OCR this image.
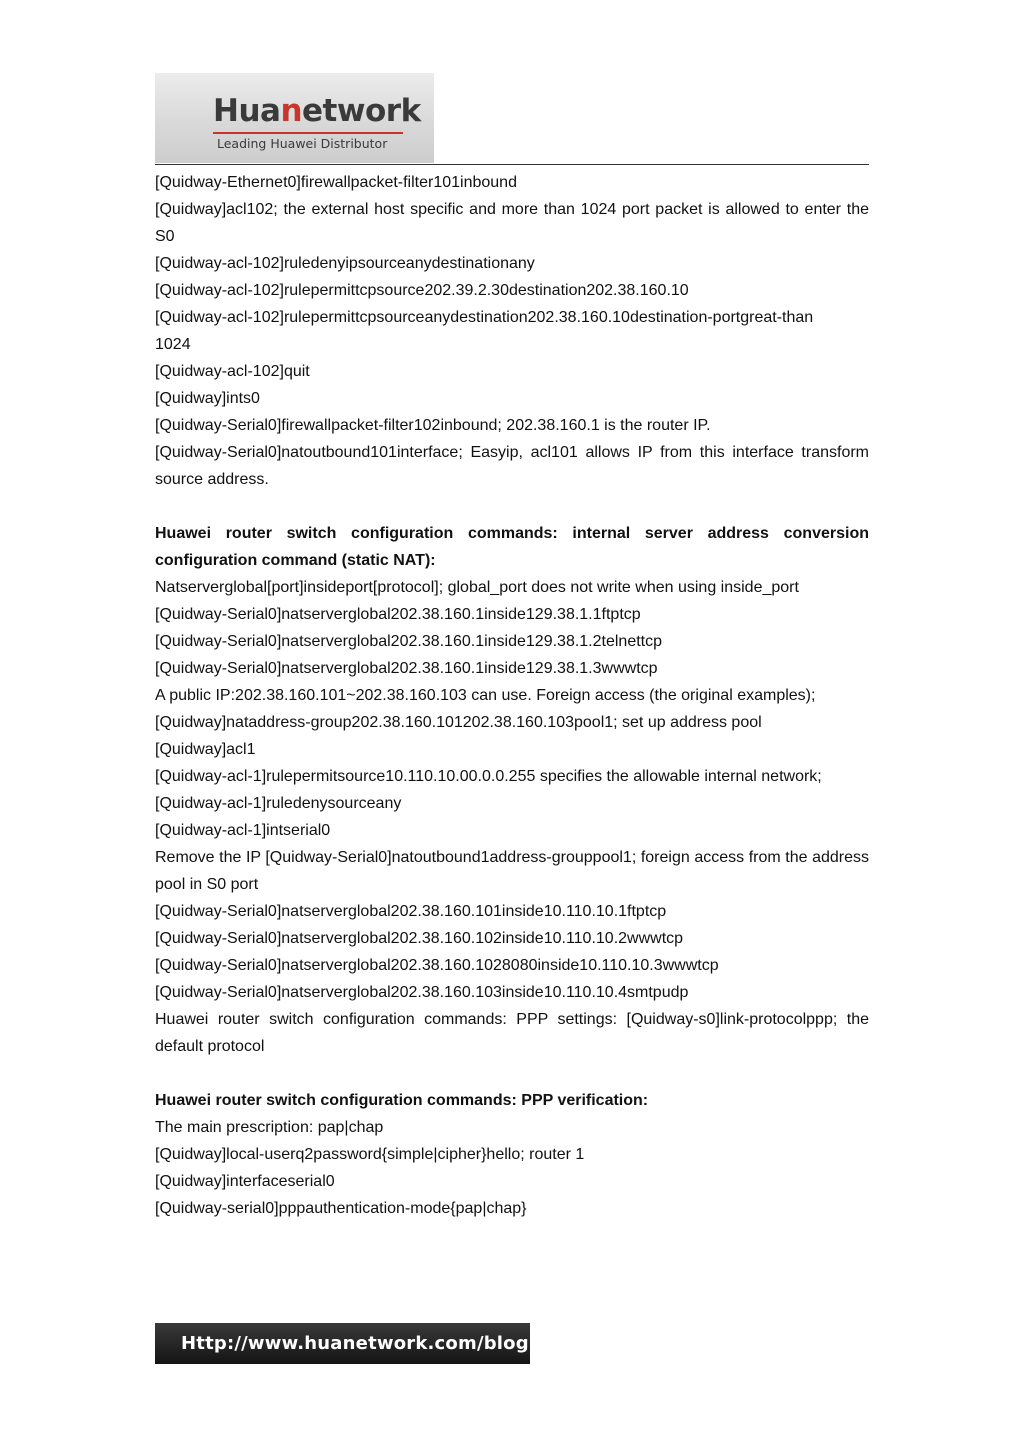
Huanetwork
Leading Huawei Distributor

[Quidway-Ethernet0]firewallpacket-filter101inbound

[Quidway]acl102; the external host specific and more than 1024 port packet is allowed to enter the S0

[Quidway-acl-102]ruledenyipsourceanydestinationany

[Quidway-acl-102]rulepermittcpsource202.39.2.30destination202.38.160.10

[Quidway-acl-102]rulepermittcpsourceanydestination202.38.160.10destination-portgreat-than

1024

[Quidway-acl-102]quit

[Quidway]ints0

[Quidway-Serial0]firewallpacket-filter102inbound; 202.38.160.1 is the router IP.

[Quidway-Serial0]natoutbound101interface; Easyip, acl101 allows IP from this interface transform source address.

Huawei router switch configuration commands: internal server address conversion configuration command (static NAT):

Natserverglobal[port]insideport[protocol]; global_port does not write when using inside_port

[Quidway-Serial0]natserverglobal202.38.160.1inside129.38.1.1ftptcp

[Quidway-Serial0]natserverglobal202.38.160.1inside129.38.1.2telnettcp

[Quidway-Serial0]natserverglobal202.38.160.1inside129.38.1.3wwwtcp

A public IP:202.38.160.101~202.38.160.103 can use. Foreign access (the original examples);

[Quidway]nataddress-group202.38.160.101202.38.160.103pool1; set up address pool

[Quidway]acl1

[Quidway-acl-1]rulepermitsource10.110.10.00.0.0.255 specifies the allowable internal network;

[Quidway-acl-1]ruledenysourceany

[Quidway-acl-1]intserial0

Remove the IP [Quidway-Serial0]natoutbound1address-grouppool1; foreign access from the address pool in S0 port

[Quidway-Serial0]natserverglobal202.38.160.101inside10.110.10.1ftptcp

[Quidway-Serial0]natserverglobal202.38.160.102inside10.110.10.2wwwtcp

[Quidway-Serial0]natserverglobal202.38.160.1028080inside10.110.10.3wwwtcp

[Quidway-Serial0]natserverglobal202.38.160.103inside10.110.10.4smtpudp

Huawei router switch configuration commands: PPP settings: [Quidway-s0]link-protocolppp; the default protocol

Huawei router switch configuration commands: PPP verification:

The main prescription: pap|chap

[Quidway]local-userq2password{simple|cipher}hello; router 1

[Quidway]interfaceserial0

[Quidway-serial0]pppauthentication-mode{pap|chap}

Http://www.huanetwork.com/blog
